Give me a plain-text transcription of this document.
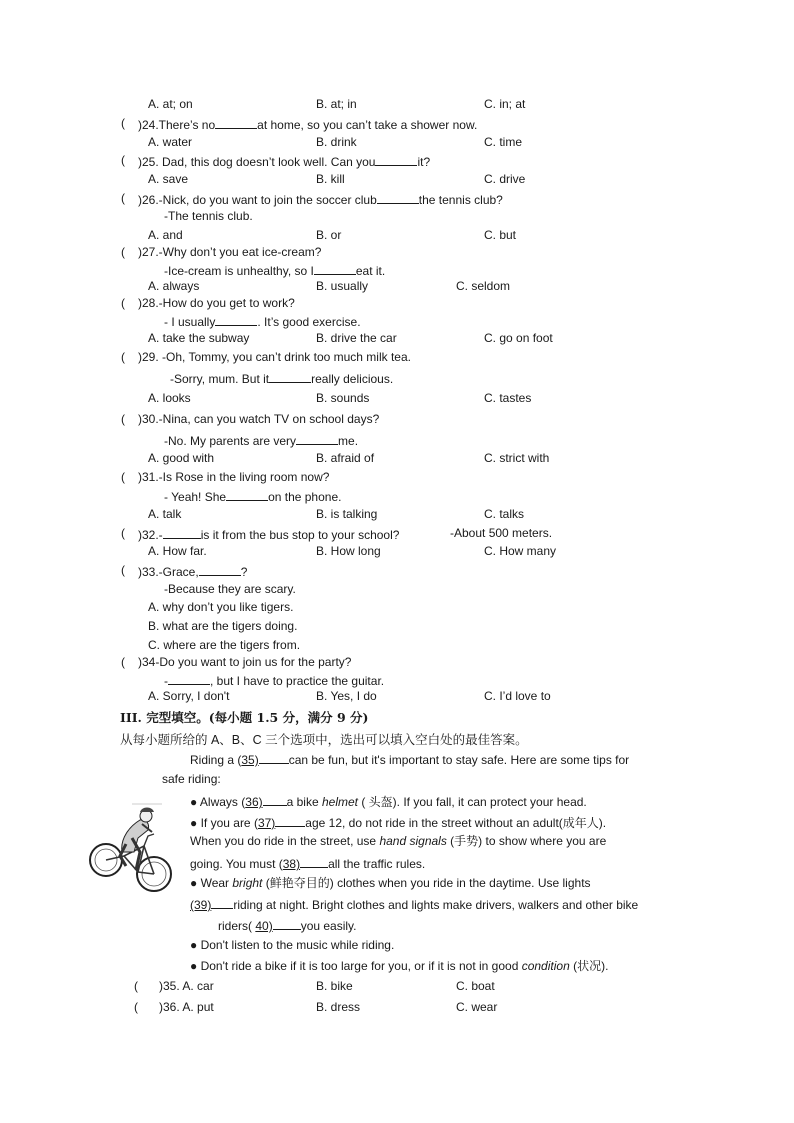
A. at; on	B. at; in	C. in; at
( )24.There’s no	at home, so you can’t take a shower now.
A. water	B. drink	C. time
( )25. Dad, this dog doesn’t look well. Can you	it?
A. save	B. kill	C. drive
( )26.-Nick, do you want to join the soccer club	the tennis club?
-The tennis club.
A. and	B. or	C. but
( )27.-Why don’t you eat ice-cream?
-Ice-cream is unhealthy, so I	eat it.
A. always	B. usually	C. seldom
( )28.-How do you get to work?
- I usually	. It’s good exercise.
A. take the subway	B. drive the car	C. go on foot
( )29. -Oh, Tommy, you can’t drink too much milk tea.
-Sorry, mum. But it	really delicious.
A. looks	B. sounds	C. tastes
( )30.-Nina, can you watch TV on school days?
-No. My parents are very	me.
A. good with	B. afraid of	C. strict with
( )31.-Is Rose in the living room now?
- Yeah! She	on the phone.
A. talk	B. is talking	C. talks
( )32.-	is it from the bus stop to your school?	-About 500 meters.
A. How far.	B. How long	C. How many
( )33.-Grace,	?
-Because they are scary.
A. why don’t you like tigers.
B. what are the tigers doing.
C. where are the tigers from.
( )34-Do you want to join us for the party?
-	, but I have to practice the guitar.
A. Sorry, I don't	B. Yes, I do	C. I’d love to
III. 完型填空。(每小题 1.5 分，满分 9 分)
从每小题所给的 A、B、C 三个选项中，选出可以填入空白处的最佳答案。
Riding a (35)	can be fun, but it's important to stay safe. Here are some tips for
safe riding:
● Always (36) a bike helmet ( 头盔). If you fall, it can protect your head.
● If you are (37)	age 12, do not ride in the street without an adult(成年人).
When you do ride in the street, use hand signals (手势) to show where you are
going. You must (38) all the traffic rules.
● Wear bright (鲜艳夺目的) clothes when you ride in the daytime. Use lights
(39) riding at night. Bright clothes and lights make drivers, walkers and other bike
riders( 40) you easily.
● Don't listen to the music while riding.
● Don't ride a bike if it is too large for you, or if it is not in good condition (状况).
( )35. A. car	B. bike	C. boat
( )36. A. put	B. dress	C. wear
